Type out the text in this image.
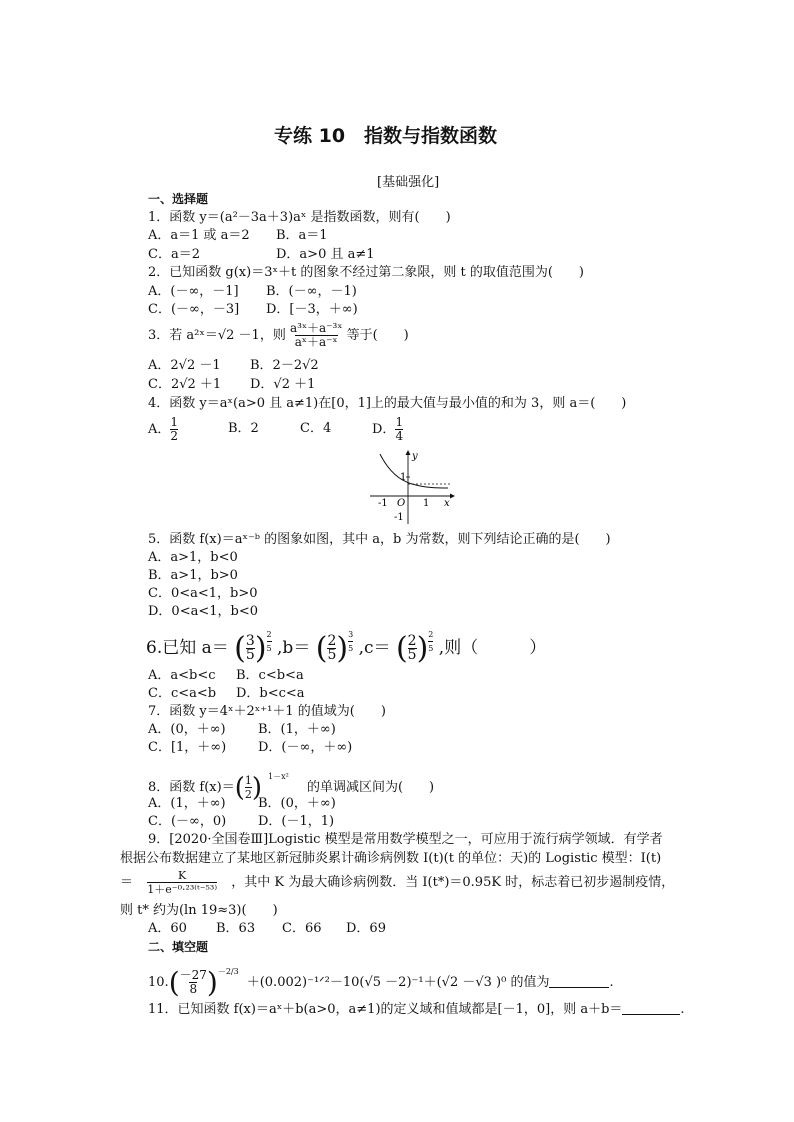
专练 10　指数与指数函数
[基础强化]
一、选择题
1．函数 y＝(a²－3a＋3)aˣ 是指数函数，则有(　　)
A．a＝1 或 a＝2 B．a＝1
C．a＝2	D．a>0 且 a≠1
2．已知函数 g(x)＝3ˣ＋t 的图象不经过第二象限，则 t 的取值范围为(　　)
A．(－∞，－1] B．(－∞，－1)
C．(－∞，－3] D．[－3，＋∞)
3．若 a²ˣ＝√2 －1，则 $\frac{\text{a³ˣ＋a⁻³ˣ}}{\text{aˣ＋a⁻ˣ}}$ 等于(　　)
A．2√2 －1 B．2－2√2
C．2√2 ＋1 D．√2 ＋1
4．函数 y＝aˣ(a>0 且 a≠1)在[0，1]上的最大值与最小值的和为 3，则 a＝(　　)
A． $\frac{1}{2}$	B．2	C．4	D． $\frac{1}{4}$
y
1
-1 O 1 x
-1
5．函数 f(x)＝aˣ⁻ᵇ 的图象如图，其中 a，b 为常数，则下列结论正确的是(　　)
A．a>1，b<0
B．a>1，b>0
C．0<a<1，b>0
D．0<a<1，b<0
6.已知 a＝ ( $\frac{3}{5}$ ) $\frac{2}{5} ,b=$ ( $\frac{2}{5}$ ) $\frac{3}{5} ,c=$ ( $\frac{2}{5}$ ) $\frac{2}{5}$ ,则（　　　）
A．a<b<c B．c<b<a
C．c<a<b D．b<c<a
7．函数 y＝4ˣ＋2ˣ⁺¹＋1 的值域为(　　)
A．(0，＋∞) B．(1，＋∞)
C．[1，＋∞) D．(－∞，＋∞)
8．函数 $f(x)=( \frac{1}{2}$ ) $^{1-x^2}$ 的单调减区间为(　　)
A．(1，＋∞) B．(0，＋∞)
C．(－∞，0) D．(－1，1)
9．[2020·全国卷Ⅲ]Logistic 模型是常用数学模型之一，可应用于流行病学领域．有学者
根据公布数据建立了某地区新冠肺炎累计确诊病例数 I(t)(t 的单位：天)的 Logistic 模型：I(t)
＝ $\frac{K}{\text{1＋e⁻⁰·²³⁽ᵗ⁻⁵³⁾}}$ ，其中 K 为最大确诊病例数．当 I(t*)＝0.95K 时，标志着已初步遏制疫情，
则 t* 约为(ln 19≈3)(　　)
A．60 B．63 C．66 D．69
二、填空题
$10.( \frac{-27}{8}$ )$^{-2/3}+(0.002)^{-1}ᐟ^2-10(√5 -2)^{-1}+(√2 -√3$ )⁰ 的值为	.
11．已知函数 f(x)＝aˣ＋b(a>0，a≠1)的定义域和值域都是[－1，0]，则 a＋b＝	.
